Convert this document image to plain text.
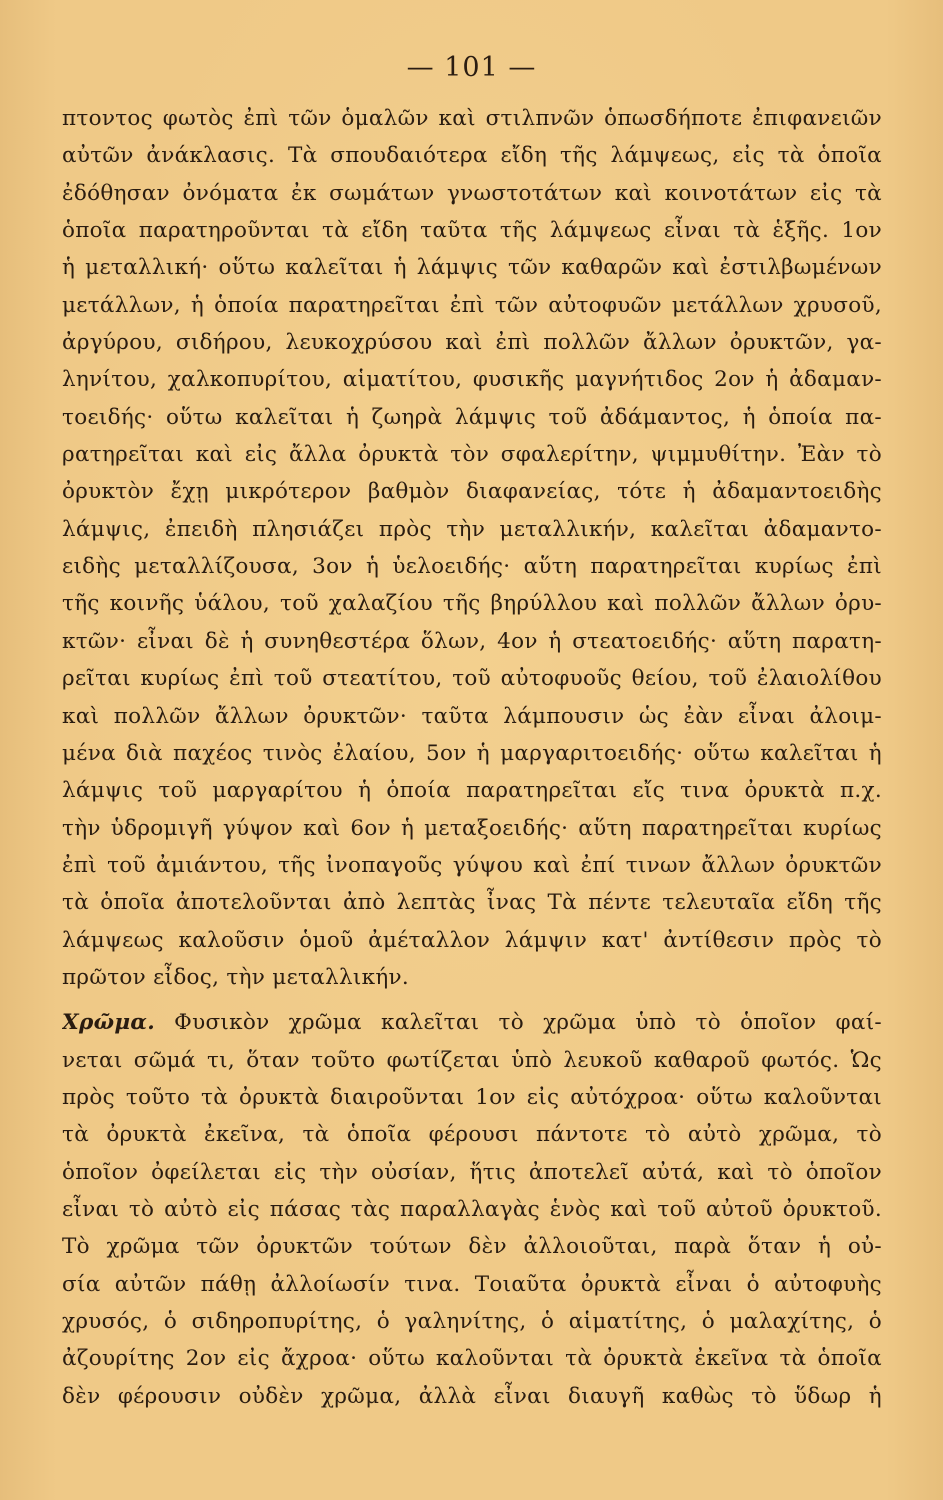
— 101 —
πτοντος φωτὸς ἐπὶ τῶν ὁμαλῶν καὶ στιλπνῶν ὁπωσδήποτε ἐπιφανειῶν
αὐτῶν ἀνάκλασις. Τὰ σπουδαιότερα εἴδη τῆς λάμψεως, εἰς τὰ ὁποῖα
ἐδόθησαν ὀνόματα ἐκ σωμάτων γνωστοτάτων καὶ κοινοτάτων εἰς τὰ
ὁποῖα παρατηροῦνται τὰ εἴδη ταῦτα τῆς λάμψεως εἶναι τὰ ἑξῆς. 1ον
ἡ μεταλλική· οὕτω καλεῖται ἡ λάμψις τῶν καθαρῶν καὶ ἐστιλβωμένων
μετάλλων, ἡ ὁποία παρατηρεῖται ἐπὶ τῶν αὐτοφυῶν μετάλλων χρυσοῦ,
ἀργύρου, σιδήρου, λευκοχρύσου καὶ ἐπὶ πολλῶν ἄλλων ὀρυκτῶν, γα-
ληνίτου, χαλκοπυρίτου, αἱματίτου, φυσικῆς μαγνήτιδος 2ον ἡ ἀδαμαν-
τοειδής· οὕτω καλεῖται ἡ ζωηρὰ λάμψις τοῦ ἀδάμαντος, ἡ ὁποία πα-
ρατηρεῖται καὶ εἰς ἄλλα ὀρυκτὰ τὸν σφαλερίτην, ψιμμυθίτην. Ἐὰν τὸ
ὀρυκτὸν ἔχῃ μικρότερον βαθμὸν διαφανείας, τότε ἡ ἀδαμαντοειδὴς
λάμψις, ἐπειδὴ πλησιάζει πρὸς τὴν μεταλλικήν, καλεῖται ἀδαμαντο-
ειδὴς μεταλλίζουσα, 3ον ἡ ὑελοειδής· αὕτη παρατηρεῖται κυρίως ἐπὶ
τῆς κοινῆς ὑάλου, τοῦ χαλαζίου τῆς βηρύλλου καὶ πολλῶν ἄλλων ὀρυ-
κτῶν· εἶναι δὲ ἡ συνηθεστέρα ὅλων, 4ον ἡ στεατοειδής· αὕτη παρατη-
ρεῖται κυρίως ἐπὶ τοῦ στεατίτου, τοῦ αὐτοφυοῦς θείου, τοῦ ἐλαιολίθου
καὶ πολλῶν ἄλλων ὀρυκτῶν· ταῦτα λάμπουσιν ὡς ἐὰν εἶναι ἀλοιμ-
μένα διὰ παχέος τινὸς ἐλαίου, 5ον ἡ μαργαριτοειδής· οὕτω καλεῖται ἡ
λάμψις τοῦ μαργαρίτου ἡ ὁποία παρατηρεῖται εἴς τινα ὀρυκτὰ π.χ.
τὴν ὑδρομιγῆ γύψον καὶ 6ον ἡ μεταξοειδής· αὕτη παρατηρεῖται κυρίως
ἐπὶ τοῦ ἀμιάντου, τῆς ἰνοπαγοῦς γύψου καὶ ἐπί τινων ἄλλων ὀρυκτῶν
τὰ ὁποῖα ἀποτελοῦνται ἀπὸ λεπτὰς ἶνας Τὰ πέντε τελευταῖα εἴδη τῆς
λάμψεως καλοῦσιν ὁμοῦ ἀμέταλλον λάμψιν κατ' ἀντίθεσιν πρὸς τὸ
πρῶτον εἶδος, τὴν μεταλλικήν.
Χρῶμα. Φυσικὸν χρῶμα καλεῖται τὸ χρῶμα ὑπὸ τὸ ὁποῖον φαί-
νεται σῶμά τι, ὅταν τοῦτο φωτίζεται ὑπὸ λευκοῦ καθαροῦ φωτός. Ὡς
πρὸς τοῦτο τὰ ὀρυκτὰ διαιροῦνται 1ον εἰς αὐτόχροα· οὕτω καλοῦνται
τὰ ὀρυκτὰ ἐκεῖνα, τὰ ὁποῖα φέρουσι πάντοτε τὸ αὐτὸ χρῶμα, τὸ
ὁποῖον ὀφείλεται εἰς τὴν οὐσίαν, ἥτις ἀποτελεῖ αὐτά, καὶ τὸ ὁποῖον
εἶναι τὸ αὐτὸ εἰς πάσας τὰς παραλλαγὰς ἑνὸς καὶ τοῦ αὐτοῦ ὀρυκτοῦ.
Τὸ χρῶμα τῶν ὀρυκτῶν τούτων δὲν ἀλλοιοῦται, παρὰ ὅταν ἡ οὐ-
σία αὐτῶν πάθῃ ἀλλοίωσίν τινα. Τοιαῦτα ὀρυκτὰ εἶναι ὁ αὐτοφυὴς
χρυσός, ὁ σιδηροπυρίτης, ὁ γαληνίτης, ὁ αἱματίτης, ὁ μαλαχίτης, ὁ
ἀζουρίτης 2ον εἰς ἄχροα· οὕτω καλοῦνται τὰ ὀρυκτὰ ἐκεῖνα τὰ ὁποῖα
δὲν φέρουσιν οὐδὲν χρῶμα, ἀλλὰ εἶναι διαυγῆ καθὼς τὸ ὕδωρ ἡ
